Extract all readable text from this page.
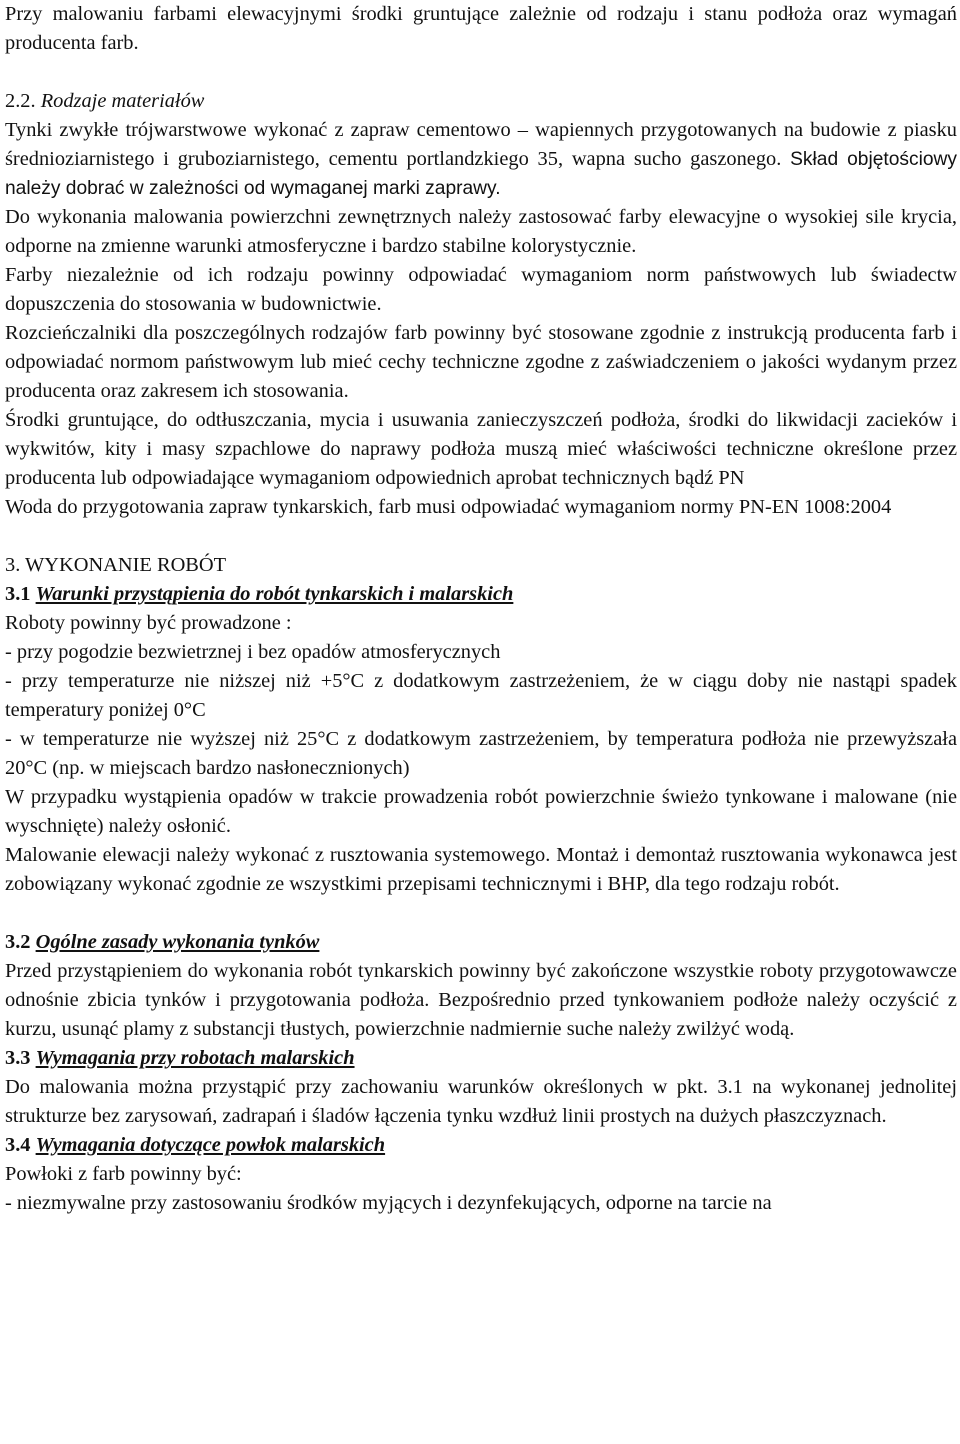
Przy malowaniu farbami elewacyjnymi środki gruntujące zależnie od rodzaju i stanu podłoża oraz wymagań producenta farb.

2.2. Rodzaje materiałów

Tynki zwykłe trójwarstwowe wykonać z zapraw cementowo – wapiennych przygotowanych na budowie z piasku średnioziarnistego i gruboziarnistego, cementu portlandzkiego 35, wapna sucho gaszonego. Skład objętościowy należy dobrać w zależności od wymaganej marki zaprawy.

Do wykonania malowania powierzchni zewnętrznych należy zastosować farby elewacyjne o wysokiej sile krycia, odporne na zmienne warunki atmosferyczne i bardzo stabilne kolorystycznie.

Farby niezależnie od ich rodzaju powinny odpowiadać wymaganiom norm państwowych lub świadectw dopuszczenia do stosowania w budownictwie.

Rozcieńczalniki dla poszczególnych rodzajów farb powinny być stosowane zgodnie z instrukcją producenta farb i odpowiadać normom państwowym lub mieć cechy techniczne zgodne z zaświadczeniem o jakości wydanym przez producenta oraz zakresem ich stosowania.

Środki gruntujące, do odtłuszczania, mycia i usuwania zanieczyszczeń podłoża, środki do likwidacji zacieków i wykwitów, kity i masy szpachlowe do naprawy podłoża muszą mieć właściwości techniczne określone przez producenta lub odpowiadające wymaganiom odpowiednich aprobat technicznych bądź PN

Woda do przygotowania zapraw tynkarskich, farb musi odpowiadać wymaganiom normy PN-EN 1008:2004

3. WYKONANIE ROBÓT

3.1 Warunki przystąpienia do robót tynkarskich i malarskich

Roboty powinny być prowadzone :

- przy pogodzie bezwietrznej i bez opadów atmosferycznych

- przy temperaturze nie niższej niż +5°C z dodatkowym zastrzeżeniem, że w ciągu doby nie nastąpi spadek temperatury poniżej 0°C

- w temperaturze nie wyższej niż 25°C z dodatkowym zastrzeżeniem, by temperatura podłoża nie przewyższała 20°C (np. w miejscach bardzo nasłonecznionych)

W przypadku wystąpienia opadów w trakcie prowadzenia robót powierzchnie świeżo tynkowane i malowane (nie wyschnięte) należy osłonić.

Malowanie elewacji należy wykonać z rusztowania systemowego. Montaż i demontaż rusztowania wykonawca jest zobowiązany wykonać zgodnie ze wszystkimi przepisami technicznymi i BHP, dla tego rodzaju robót.

3.2 Ogólne zasady wykonania tynków

Przed przystąpieniem do wykonania robót tynkarskich powinny być zakończone wszystkie roboty przygotowawcze odnośnie zbicia tynków i przygotowania podłoża. Bezpośrednio przed tynkowaniem podłoże należy oczyścić z kurzu, usunąć plamy z substancji tłustych, powierzchnie nadmiernie suche należy zwilżyć wodą.

3.3 Wymagania przy robotach malarskich

Do malowania można przystąpić przy zachowaniu warunków określonych w pkt. 3.1 na wykonanej jednolitej strukturze bez zarysowań, zadrapań i śladów łączenia tynku wzdłuż linii prostych na dużych płaszczyznach.

3.4 Wymagania dotyczące powłok malarskich

Powłoki z farb powinny być:

- niezmywalne przy zastosowaniu środków myjących i dezynfekujących, odporne na tarcie na
